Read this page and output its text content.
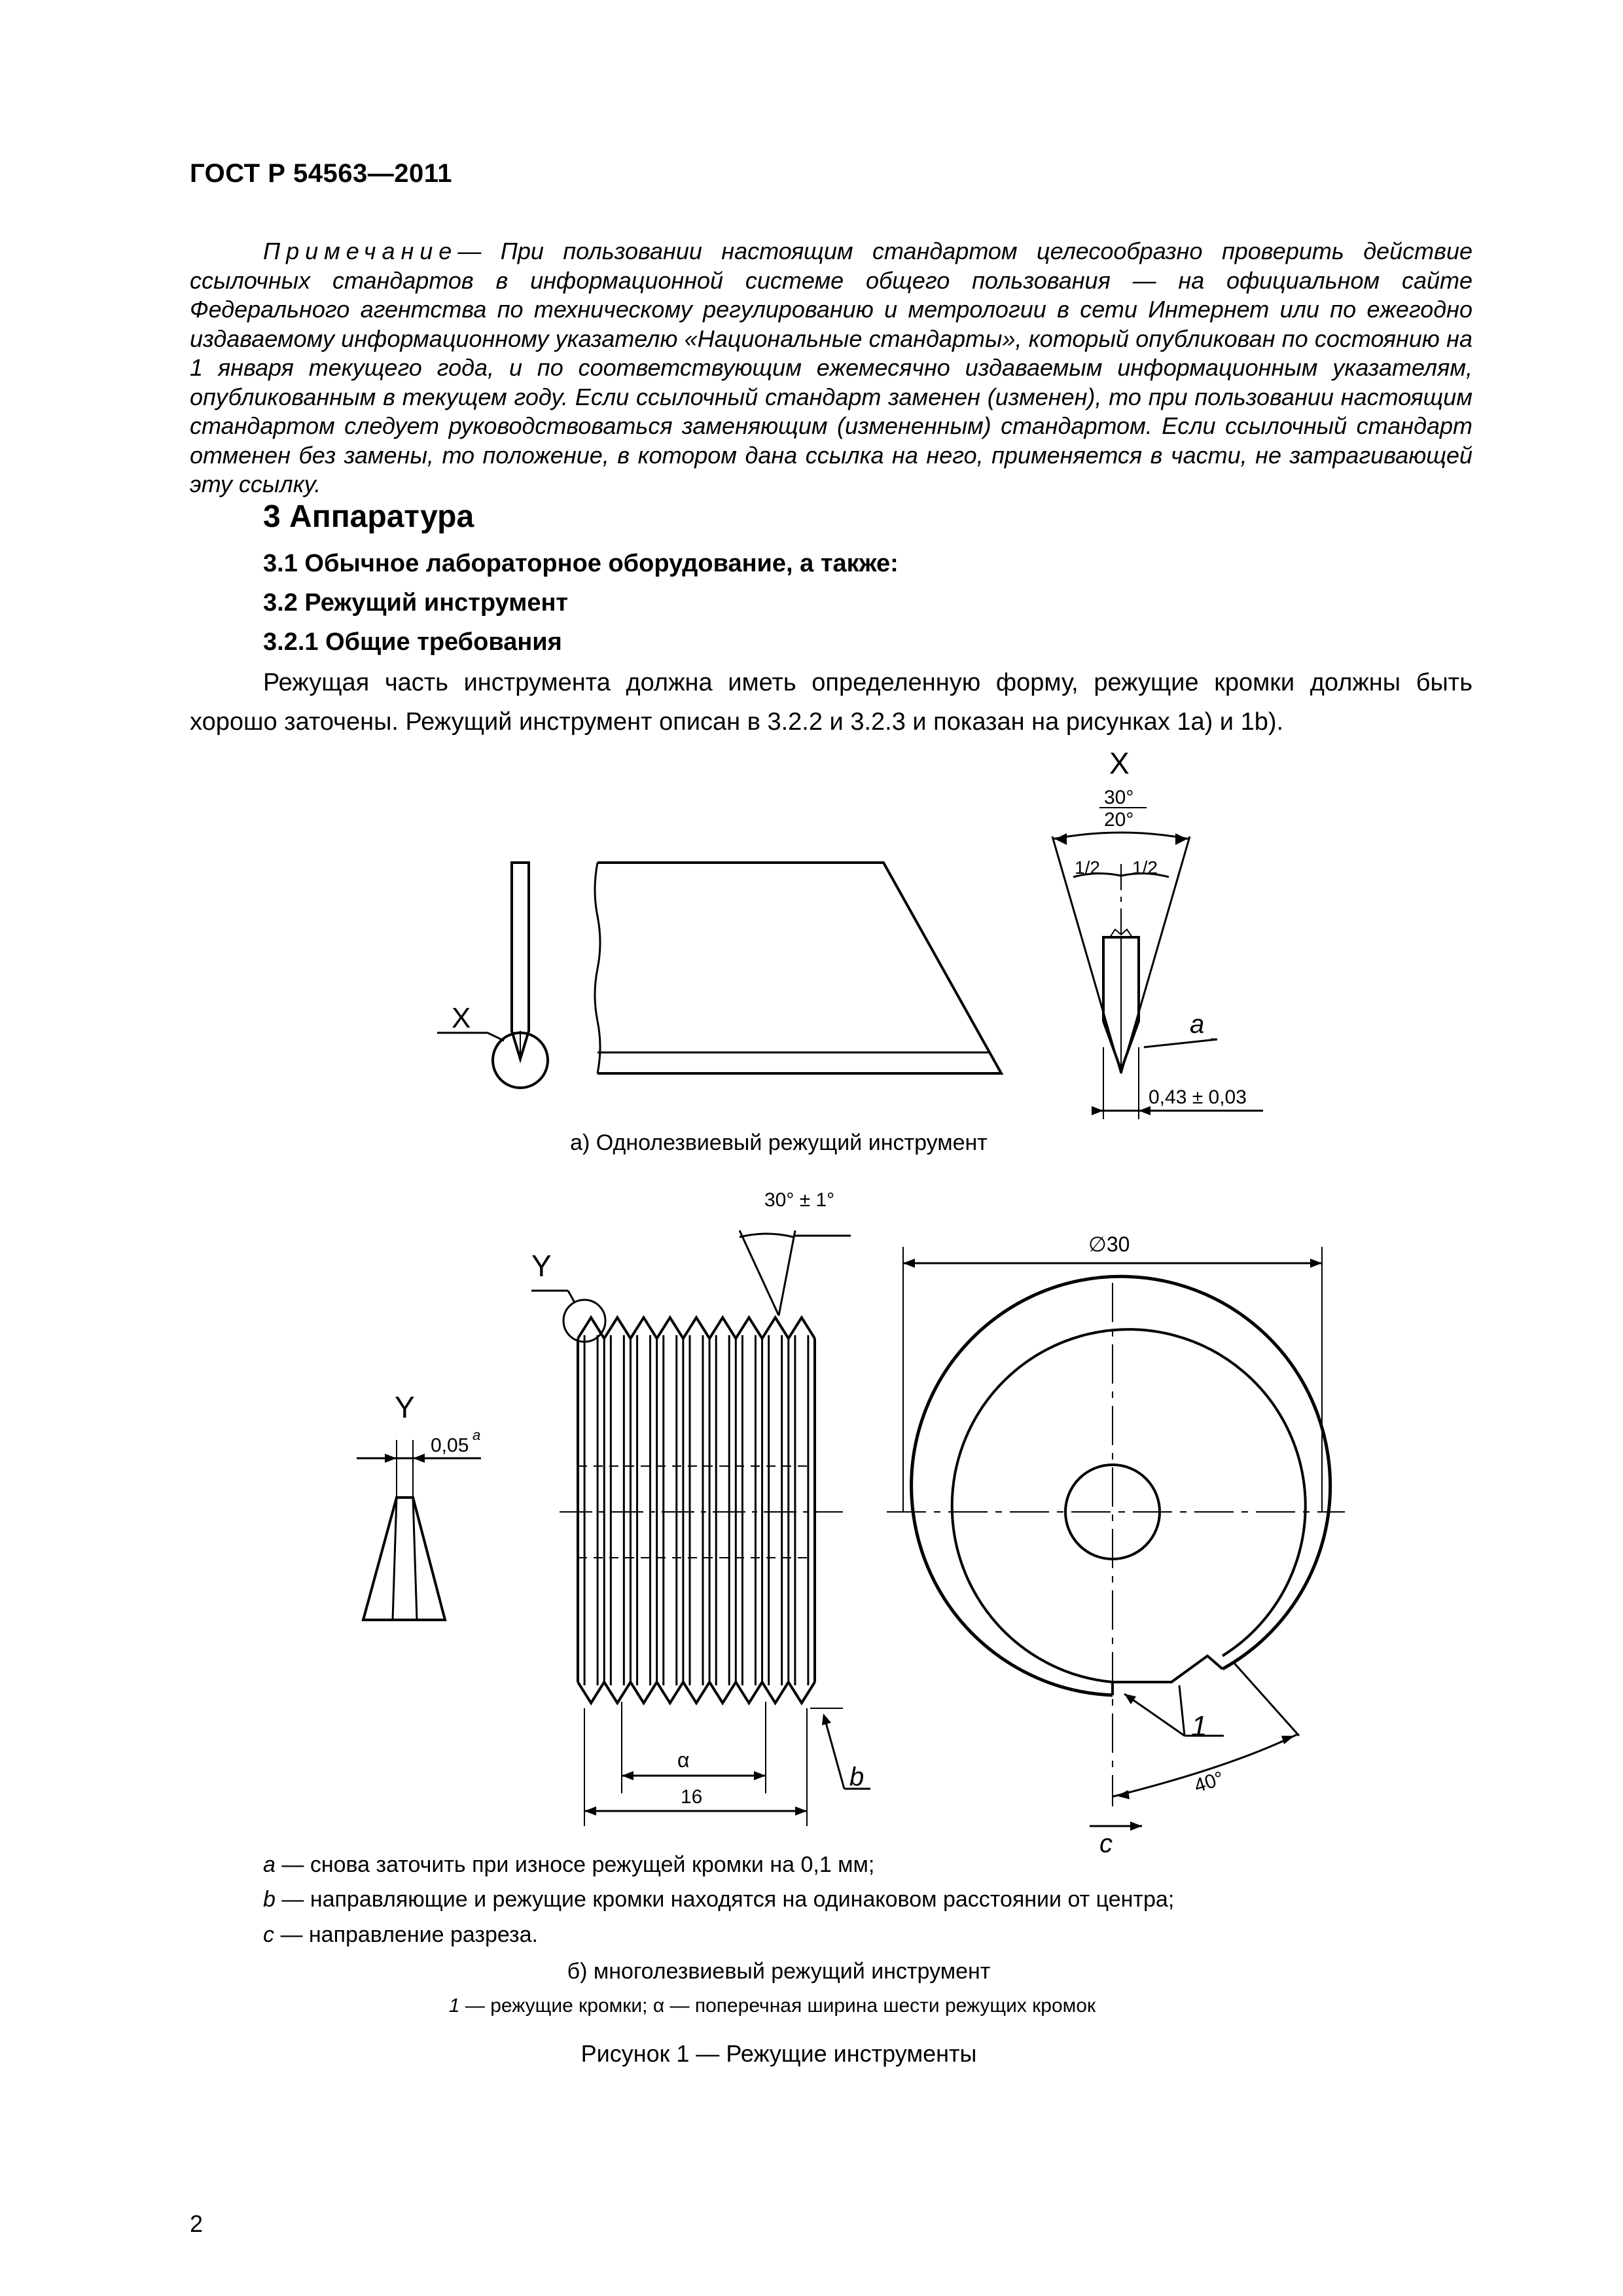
ГОСТ Р 54563—2011
Примечание— При пользовании настоящим стандартом целесообразно проверить действие ссылочных стандартов в информационной системе общего пользования — на официальном сайте Федерального агентства по техническому регулированию и метрологии в сети Интернет или по ежегодно издаваемому информационному указателю «Национальные стандарты», который опубликован по состоянию на 1 января текущего года, и по соответствующим ежемесячно издаваемым информационным указателям, опубликованным в текущем году. Если ссылочный стандарт заменен (изменен), то при пользовании настоящим стандартом следует руководствоваться заменяющим (измененным) стандартом. Если ссылочный стандарт отменен без замены, то положение, в котором дана ссылка на него, применяется в части, не затрагивающей эту ссылку.
3 Аппаратура
3.1 Обычное лабораторное оборудование, а также:
3.2 Режущий инструмент
3.2.1 Общие требования
Режущая часть инструмента должна иметь определенную форму, режущие кромки должны быть хорошо заточены. Режущий инструмент описан в 3.2.2 и 3.2.3 и показан на рисунках 1a) и 1b).
X
X
30°
20°
1/2 1/2
a
0,43 ± 0,03
30° ± 1°
Y
α
16
b
Y
0,05 a
∅30
1
40°
c
а) Однолезвиевый режущий инструмент
a — снова заточить при износе режущей кромки на 0,1 мм;
b — направляющие и режущие кромки находятся на одинаковом расстоянии от центра;
c — направление разреза.
б) многолезвиевый режущий инструмент
1 — режущие кромки; α — поперечная ширина шести режущих кромок
Рисунок 1 — Режущие инструменты
2
